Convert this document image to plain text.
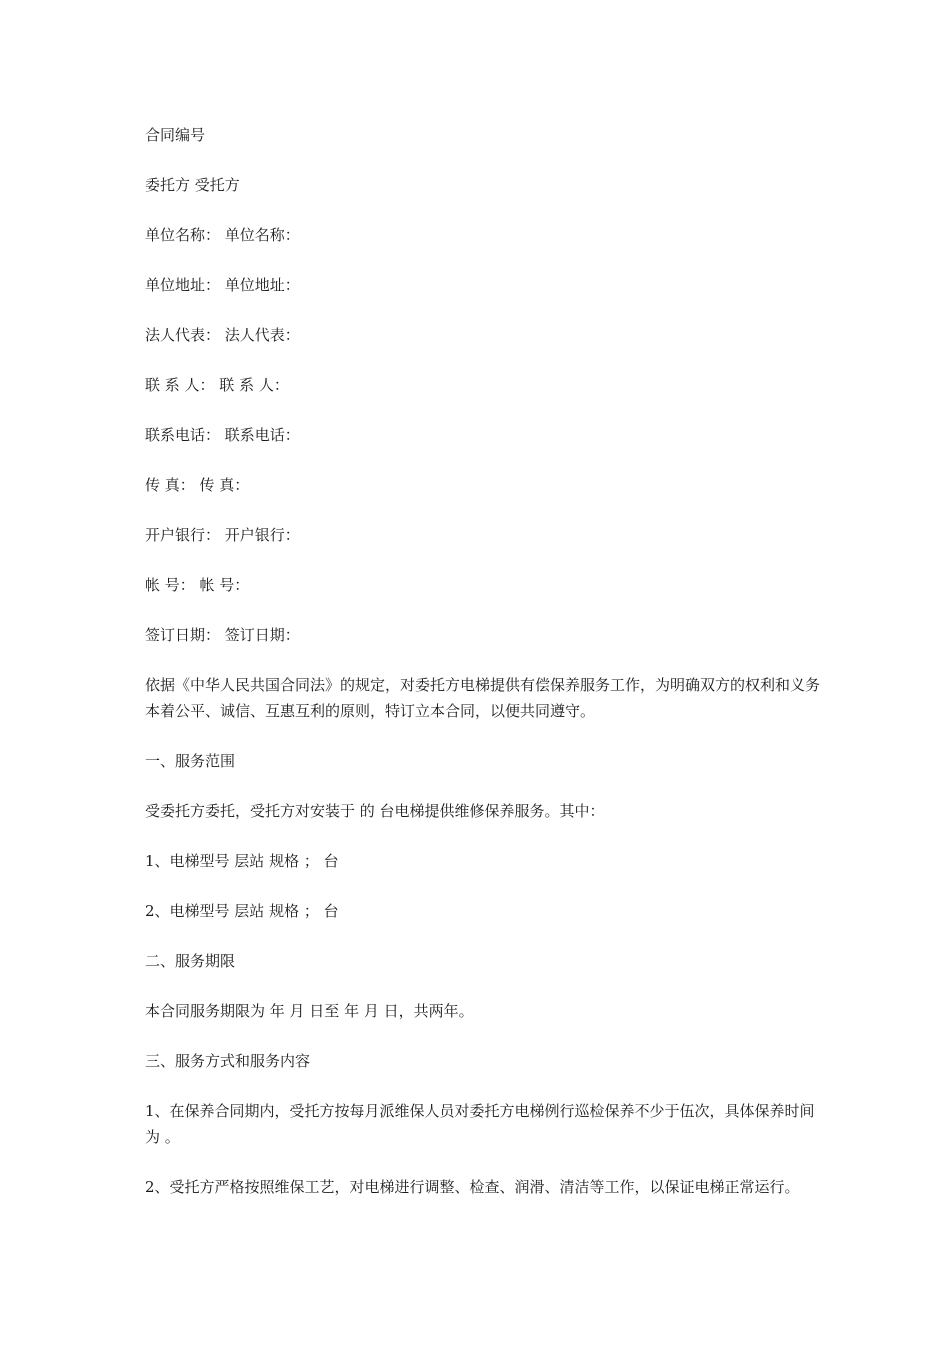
合同编号

委托方 受托方

单位名称： 单位名称：

单位地址： 单位地址：

法人代表： 法人代表：

联 系 人： 联 系 人：

联系电话： 联系电话：

传 真： 传 真：

开户银行： 开户银行：

帐 号： 帐 号：

签订日期： 签订日期：

依据《中华人民共国合同法》的规定，对委托方电梯提供有偿保养服务工作，为明确双方的权利和义务本着公平、诚信、互惠互利的原则，特订立本合同，以便共同遵守。

一、服务范围

受委托方委托，受托方对安装于 的 台电梯提供维修保养服务。其中：

1、电梯型号 层站 规格 ； 台

2、电梯型号 层站 规格 ； 台

二、服务期限

本合同服务期限为 年 月 日至 年 月 日，共两年。

三、服务方式和服务内容

1、在保养合同期内，受托方按每月派维保人员对委托方电梯例行巡检保养不少于伍次，具体保养时间为 。

2、受托方严格按照维保工艺，对电梯进行调整、检查、润滑、清洁等工作，以保证电梯正常运行。
